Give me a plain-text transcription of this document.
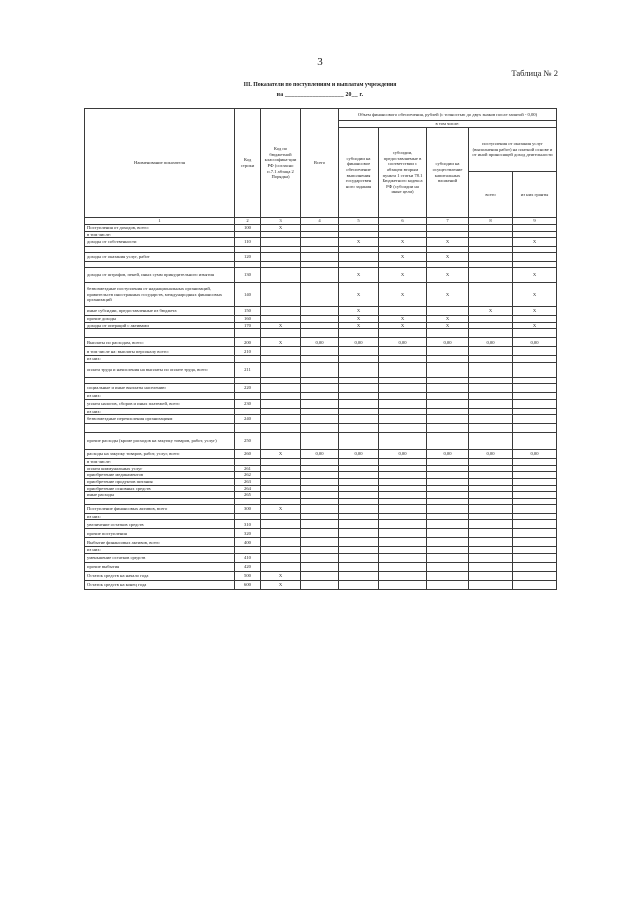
3
Таблица № 2
III. Показатели по поступлениям и выплатам учреждения
на ___________________ 20__ г.
Наименование показателя	Код строки	Код по бюджетной классифика-ции РФ (согласно п.7.1 абзаца 2 Порядка)	Всего	Объем финансового обеспечения, рублей (с точностью до двух знаков после запятой - 0,00)				
				в том числе:				
				субсидии на финансовое обеспечение выполнения государствен ного задания	субсидии, предоставляемые в соответствии с абзацем вторым пункта 1 статьи 78.1 Бюджетного кодекса РФ (субсидии на иные цели)	субсидии на осуществление капитальных вложений	поступления от оказания услуг (выполнения работ) на платной основе и от иной приносящей доход деятельности	
							всего	из них гранты
1	2	3	4	5	6	7	8	9
Поступления от доходов, всего:	100	Х						
в том числе:								
доходы от собственности	110			Х	Х	Х		Х

доходы от оказания услуг, работ	120				Х	Х		

доходы от штрафов, пеней, иных сумм принудительного изъятия	130			Х	Х	Х		Х
безвозмездные поступления от наднациональных организаций, правительств иностранных государств, международных финансовых организаций	140			Х	Х	Х		Х
иные субсидии, предоставленные из бюджета	150			Х			Х	Х
прочие доходы	160			Х	Х	Х		
доходы от операций с активами	170	Х		Х	Х	Х		Х

Выплаты по расходам, всего:	200	Х	0,00	0,00	0,00	0,00	0,00	0,00
в том числе на: выплаты персоналу всего:	210							
из них:								
оплата труда и начисления на выплаты по оплате труда, всего	211							

социальные и иные выплаты населению	220							
из них:								
уплата налогов, сборов и иных платежей, всего	230							
из них:								
безвозмездные перечисления организациям	240							

прочие расходы (кроме расходов на закупку товаров, работ, услуг)	250							
расходы на закупку товаров, работ, услуг, всего	260	Х	0,00	0,00	0,00	0,00	0,00	0,00
в том числе:								
оплата коммунальных услуг	261							
приобретение медикаментов	262							
приобретение продуктов питания	263							
приобретение основных средств	264							
иные расходы	265							

Поступление финансовых активов, всего	300	Х						
из них:								
увеличение остатков средств	310							
прочие поступления	320							
Выбытие финансовых активов, всего	400							
из них:								
уменьшение остатков средств	410							
прочие выбытия	420							
Остаток средств на начало года	500	Х						
Остаток средств на конец года	600	Х						
